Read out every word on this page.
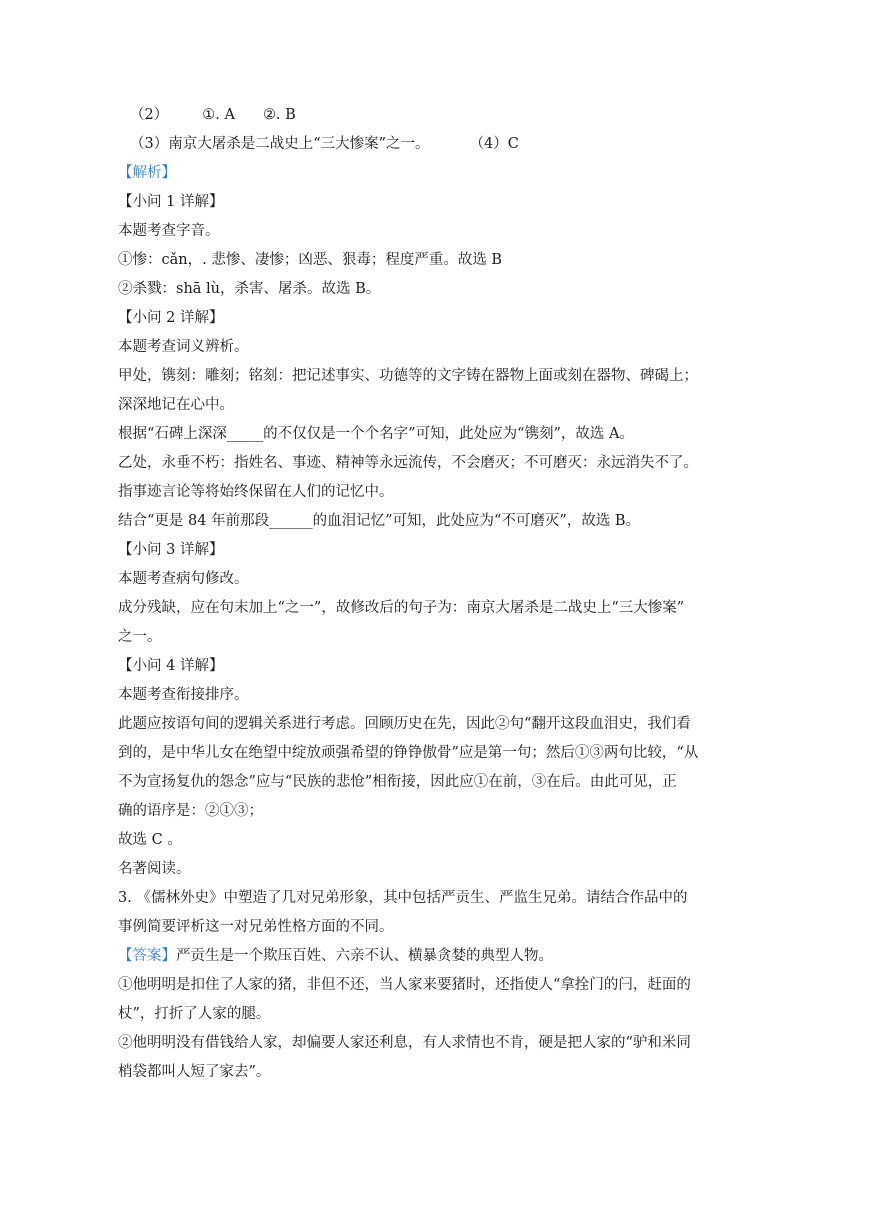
（2） ①. A ②. B
（3）南京大屠杀是二战史上“三大惨案”之一。	（4）C
【解析】
【小问 1 详解】
本题考查字音。
①惨：cǎn，. 悲惨、凄惨；凶恶、狠毒；程度严重。故选 B
②杀戮：shā lù，杀害、屠杀。故选 B。
【小问 2 详解】
本题考查词义辨析。
甲处，镌刻：雕刻；铭刻：把记述事实、功德等的文字铸在器物上面或刻在器物、碑碣上；
深深地记在心中。
根据“石碑上深深_____的不仅仅是一个个名字”可知，此处应为“镌刻”，故选 A。
乙处，永垂不朽：指姓名、事迹、精神等永远流传，不会磨灭；不可磨灭：永远消失不了。
指事迹言论等将始终保留在人们的记忆中。
结合“更是 84 年前那段______的血泪记忆”可知，此处应为“不可磨灭”，故选 B。
【小问 3 详解】
本题考查病句修改。
成分残缺，应在句末加上“之一”，故修改后的句子为：南京大屠杀是二战史上“三大惨案”
之一。
【小问 4 详解】
本题考查衔接排序。
此题应按语句间的逻辑关系进行考虑。回顾历史在先，因此②句“翻开这段血泪史，我们看
到的，是中华儿女在绝望中绽放顽强希望的铮铮傲骨”应是第一句；然后①③两句比较，“从
不为宣扬复仇的怨念”应与“民族的悲怆”相衔接，因此应①在前，③在后。由此可见，正
确的语序是：②①③；
故选 C 。
名著阅读。
3. 《儒林外史》中塑造了几对兄弟形象，其中包括严贡生、严监生兄弟。请结合作品中的
事例简要评析这一对兄弟性格方面的不同。
【答案】严贡生是一个欺压百姓、六亲不认、横暴贪婪的典型人物。
①他明明是扣住了人家的猪，非但不还，当人家来要猪时，还指使人“拿拴门的闩，赶面的
杖”，打折了人家的腿。
②他明明没有借钱给人家，却偏要人家还利息，有人求情也不肯，硬是把人家的“驴和米同
梢袋都叫人短了家去”。
